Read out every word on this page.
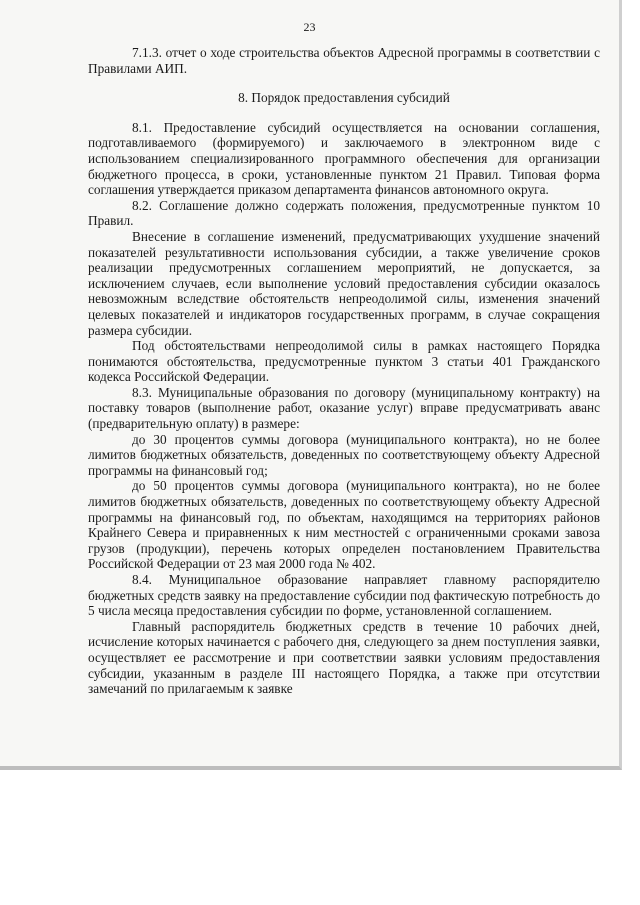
23

7.1.3. отчет о ходе строительства объектов Адресной программы в соответствии с Правилами АИП.

8. Порядок предоставления субсидий

8.1. Предоставление субсидий осуществляется на основании соглашения, подготавливаемого (формируемого) и заключаемого в электронном виде с использованием специализированного программного обеспечения для организации бюджетного процесса, в сроки, установленные пунктом 21 Правил. Типовая форма соглашения утверждается приказом департамента финансов автономного округа.

8.2. Соглашение должно содержать положения, предусмотренные пунктом 10 Правил.

Внесение в соглашение изменений, предусматривающих ухудшение значений показателей результативности использования субсидии, а также увеличение сроков реализации предусмотренных соглашением мероприятий, не допускается, за исключением случаев, если выполнение условий предоставления субсидии оказалось невозможным вследствие обстоятельств непреодолимой силы, изменения значений целевых показателей и индикаторов государственных программ, в случае сокращения размера субсидии.

Под обстоятельствами непреодолимой силы в рамках настоящего Порядка понимаются обстоятельства, предусмотренные пунктом 3 статьи 401 Гражданского кодекса Российской Федерации.

8.3. Муниципальные образования по договору (муниципальному контракту) на поставку товаров (выполнение работ, оказание услуг) вправе предусматривать аванс (предварительную оплату) в размере:

до 30 процентов суммы договора (муниципального контракта), но не более лимитов бюджетных обязательств, доведенных по соответствующему объекту Адресной программы на финансовый год;

до 50 процентов суммы договора (муниципального контракта), но не более лимитов бюджетных обязательств, доведенных по соответствующему объекту Адресной программы на финансовый год, по объектам, находящимся на территориях районов Крайнего Севера и приравненных к ним местностей с ограниченными сроками завоза грузов (продукции), перечень которых определен постановлением Правительства Российской Федерации от 23 мая 2000 года № 402.

8.4. Муниципальное образование направляет главному распорядителю бюджетных средств заявку на предоставление субсидии под фактическую потребность до 5 числа месяца предоставления субсидии по форме, установленной соглашением.

Главный распорядитель бюджетных средств в течение 10 рабочих дней, исчисление которых начинается с рабочего дня, следующего за днем поступления заявки, осуществляет ее рассмотрение и при соответствии заявки условиям предоставления субсидии, указанным в разделе III настоящего Порядка, а также при отсутствии замечаний по прилагаемым к заявке
